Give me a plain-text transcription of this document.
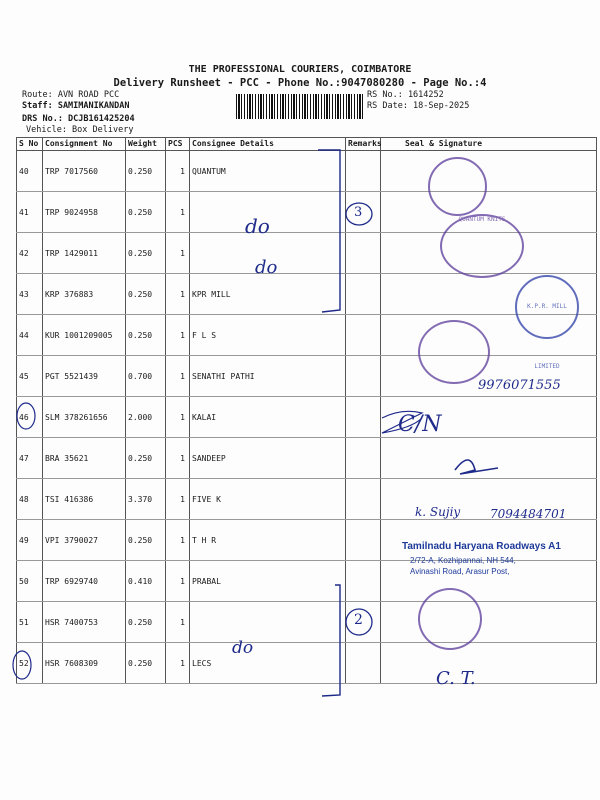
THE PROFESSIONAL COURIERS, COIMBATORE
Delivery Runsheet - PCC - Phone No.:9047080280 - Page No.:4
Route: AVN ROAD PCC
Staff: SAMIMANIKANDAN
DRS No.: DCJB161425204
Vehicle: Box Delivery
RS No.: 1614252
RS Date: 18-Sep-2025
S No	Consignment No	Weight	PCS	Consignee Details	Remarks	Seal & Signature
40	TRP 7017560	0.250	1	QUANTUM		
41	TRP 9024958	0.250	1			
42	TRP 1429011	0.250	1			
43	KRP 376883	0.250	1	KPR MILL		
44	KUR 1001209005	0.250	1	F L S		
45	PGT 5521439	0.700	1	SENATHI PATHI		
46	SLM 378261656	2.000	1	KALAI		
47	BRA 35621	0.250	1	SANDEEP		
48	TSI 416386	3.370	1	FIVE K		
49	VPI 3790027	0.250	1	T H R		
50	TRP 6929740	0.410	1	PRABAL		
51	HSR 7400753	0.250	1			
52	HSR 7608309	0.250	1	LECS		
do
do
do
3
2
9976071555
k. Sujiy 7094484701
C/N
C. T.
QUANTUM KNITS
K.P.R. MILL LIMITED
Tamilnadu Haryana Roadways A1
2/72-A, Kozhipannai, NH 544,
Avinashi Road, Arasur Post,
